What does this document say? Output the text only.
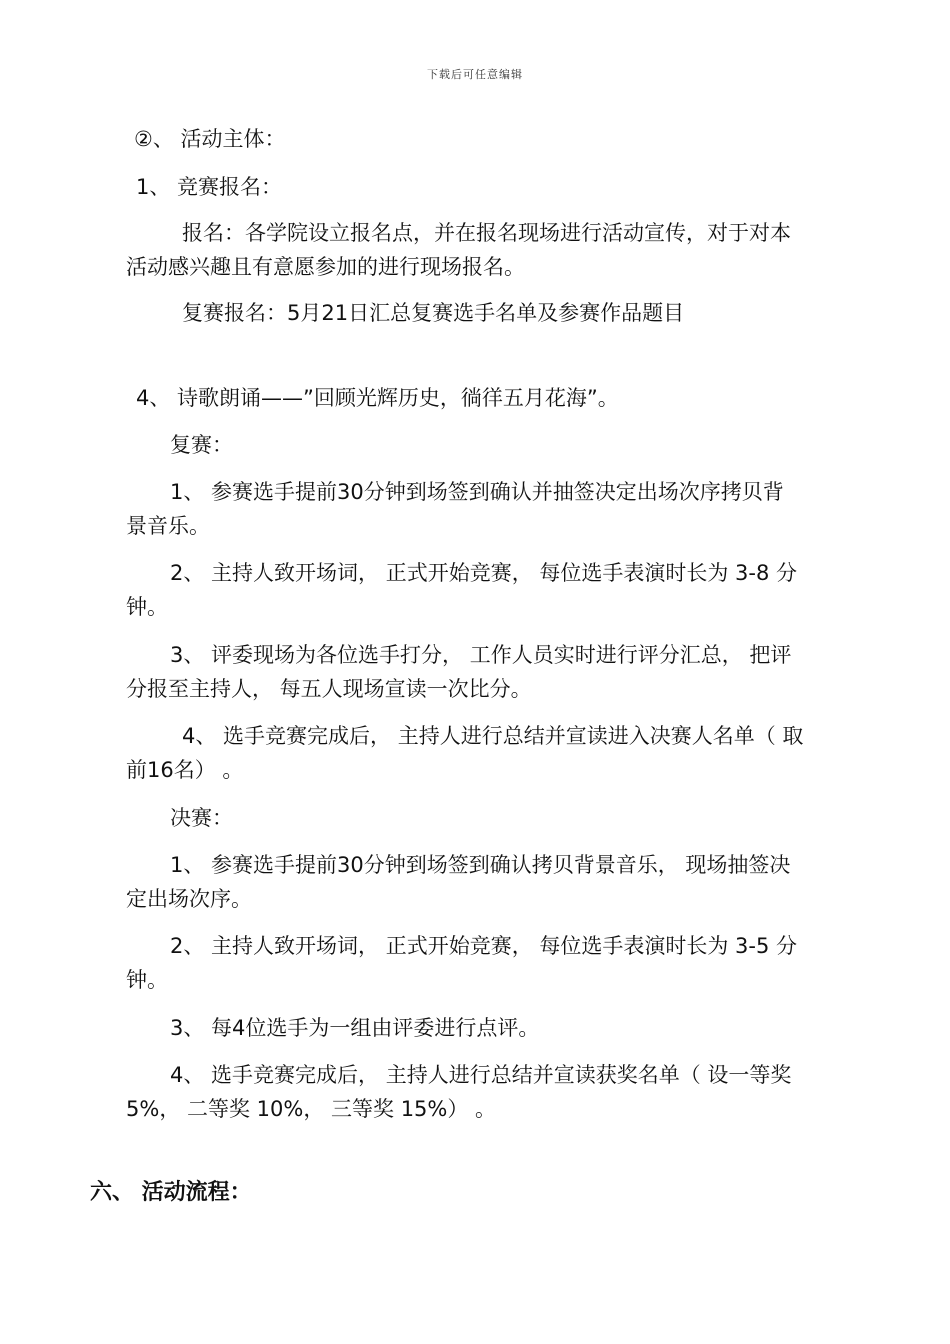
下载后可任意编辑
②、 活动主体：
1、 竞赛报名：
报名：各学院设立报名点，并在报名现场进行活动宣传，对于对本
活动感兴趣且有意愿参加的进行现场报名。
复赛报名：5月21日汇总复赛选手名单及参赛作品题目
4、 诗歌朗诵——”回顾光辉历史，徜徉五月花海”。
复赛：
1、 参赛选手提前30分钟到场签到确认并抽签决定出场次序拷贝背
景音乐。
2、 主持人致开场词， 正式开始竞赛， 每位选手表演时长为 3-8 分
钟。
3、 评委现场为各位选手打分， 工作人员实时进行评分汇总， 把评
分报至主持人， 每五人现场宣读一次比分。
4、 选手竞赛完成后， 主持人进行总结并宣读进入决赛人名单（ 取
前16名） 。
决赛：
1、 参赛选手提前30分钟到场签到确认拷贝背景音乐， 现场抽签决
定出场次序。
2、 主持人致开场词， 正式开始竞赛， 每位选手表演时长为 3-5 分
钟。
3、 每4位选手为一组由评委进行点评。
4、 选手竞赛完成后， 主持人进行总结并宣读获奖名单（ 设一等奖
5%， 二等奖 10%， 三等奖 15%） 。
六、 活动流程：
